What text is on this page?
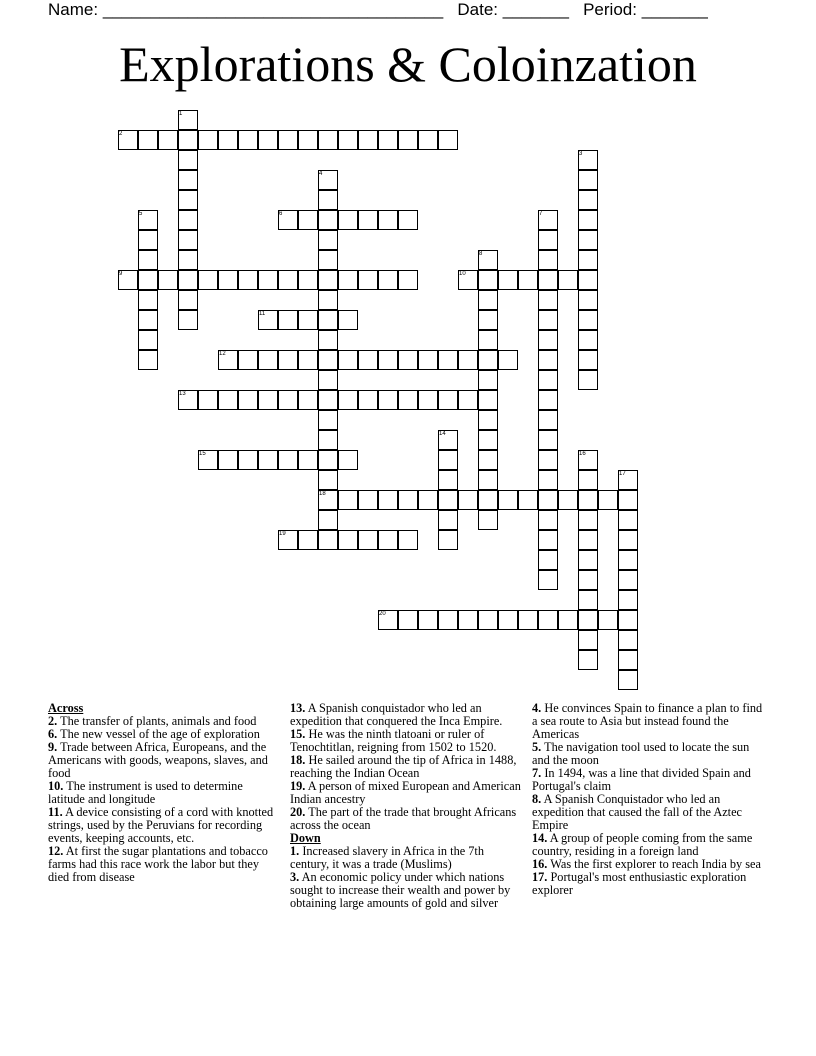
Name: ____________________________________ Date: _______ Period: _______
Explorations & Coloinzation
1
2
3
4
5	6	7
8
9	10
11
12
13
14
15	16
17
18
19
20

Across

2. The transfer of plants, animals and food

6. The new vessel of the age of exploration

9. Trade between Africa, Europeans, and the Americans with goods, weapons, slaves, and food

10. The instrument is used to determine latitude and longitude

11. A device consisting of a cord with knotted strings, used by the Peruvians for recording events, keeping accounts, etc.

12. At first the sugar plantations and tobacco farms had this race work the labor but they died from disease

13. A Spanish conquistador who led an expedition that conquered the Inca Empire.

15. He was the ninth tlatoani or ruler of Tenochtitlan, reigning from 1502 to 1520.

18. He sailed around the tip of Africa in 1488, reaching the Indian Ocean

19. A person of mixed European and American Indian ancestry

20. The part of the trade that brought Africans across the ocean

Down

1. Increased slavery in Africa in the 7th century, it was a trade (Muslims)

3. An economic policy under which nations sought to increase their wealth and power by obtaining large amounts of gold and silver

4. He convinces Spain to finance a plan to find a sea route to Asia but instead found the Americas

5. The navigation tool used to locate the sun and the moon

7. In 1494, was a line that divided Spain and Portugal's claim

8. A Spanish Conquistador who led an expedition that caused the fall of the Aztec Empire

14. A group of people coming from the same country, residing in a foreign land

16. Was the first explorer to reach India by sea

17. Portugal's most enthusiastic exploration explorer
